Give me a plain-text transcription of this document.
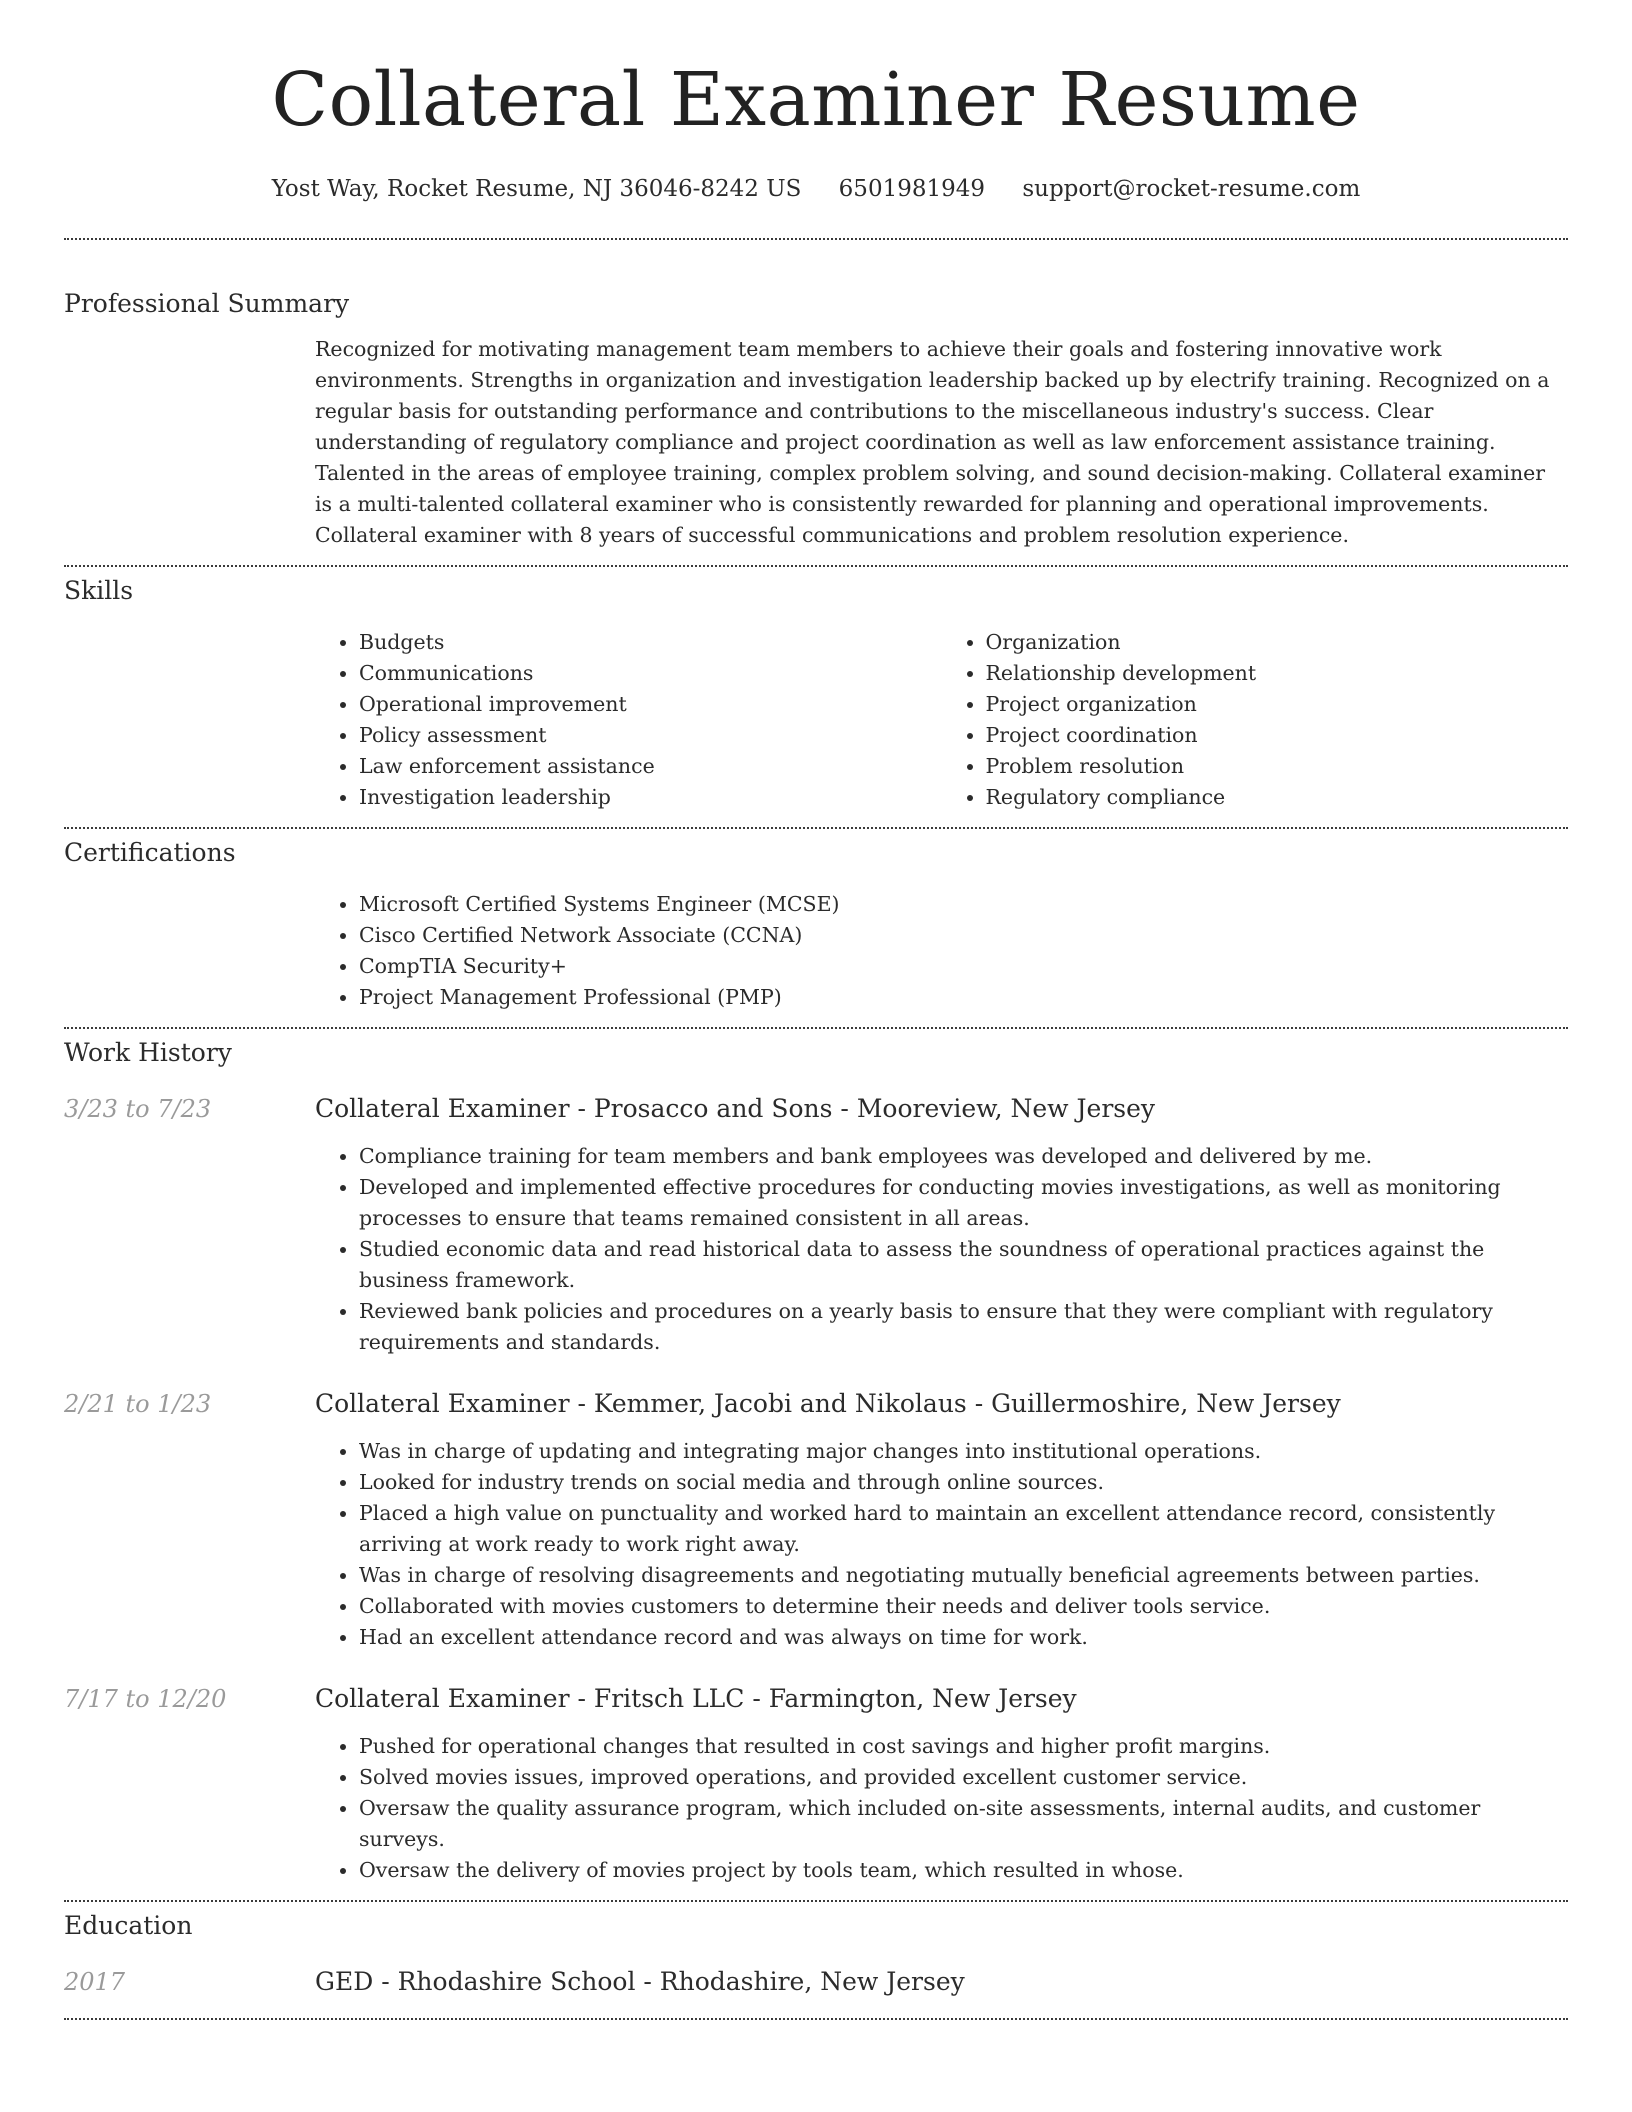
Collateral Examiner Resume
Yost Way, Rocket Resume, NJ 36046-8242 US 6501981949 support@rocket-resume.com
Professional Summary
Recognized for motivating management team members to achieve their goals and fostering innovative work environments. Strengths in organization and investigation leadership backed up by electrify training. Recognized on a regular basis for outstanding performance and contributions to the miscellaneous industry's success. Clear understanding of regulatory compliance and project coordination as well as law enforcement assistance training. Talented in the areas of employee training, complex problem solving, and sound decision-making. Collateral examiner is a multi-talented collateral examiner who is consistently rewarded for planning and operational improvements. Collateral examiner with 8 years of successful communications and problem resolution experience.
Skills
• Budgets
• Communications
• Operational improvement
• Policy assessment
• Law enforcement assistance
• Investigation leadership
• Organization
• Relationship development
• Project organization
• Project coordination
• Problem resolution
• Regulatory compliance
Certifications
• Microsoft Certified Systems Engineer (MCSE)
• Cisco Certified Network Associate (CCNA)
• CompTIA Security+
• Project Management Professional (PMP)
Work History
3/23 to 7/23	Collateral Examiner - Prosacco and Sons - Mooreview, New Jersey
• Compliance training for team members and bank employees was developed and delivered by me.
• Developed and implemented effective procedures for conducting movies investigations, as well as monitoring processes to ensure that teams remained consistent in all areas.
• Studied economic data and read historical data to assess the soundness of operational practices against the business framework.
• Reviewed bank policies and procedures on a yearly basis to ensure that they were compliant with regulatory requirements and standards.
2/21 to 1/23	Collateral Examiner - Kemmer, Jacobi and Nikolaus - Guillermoshire, New Jersey
• Was in charge of updating and integrating major changes into institutional operations.
• Looked for industry trends on social media and through online sources.
• Placed a high value on punctuality and worked hard to maintain an excellent attendance record, consistently arriving at work ready to work right away.
• Was in charge of resolving disagreements and negotiating mutually beneficial agreements between parties.
• Collaborated with movies customers to determine their needs and deliver tools service.
• Had an excellent attendance record and was always on time for work.
7/17 to 12/20	Collateral Examiner - Fritsch LLC - Farmington, New Jersey
• Pushed for operational changes that resulted in cost savings and higher profit margins.
• Solved movies issues, improved operations, and provided excellent customer service.
• Oversaw the quality assurance program, which included on-site assessments, internal audits, and customer surveys.
• Oversaw the delivery of movies project by tools team, which resulted in whose.
Education
2017	GED - Rhodashire School - Rhodashire, New Jersey
